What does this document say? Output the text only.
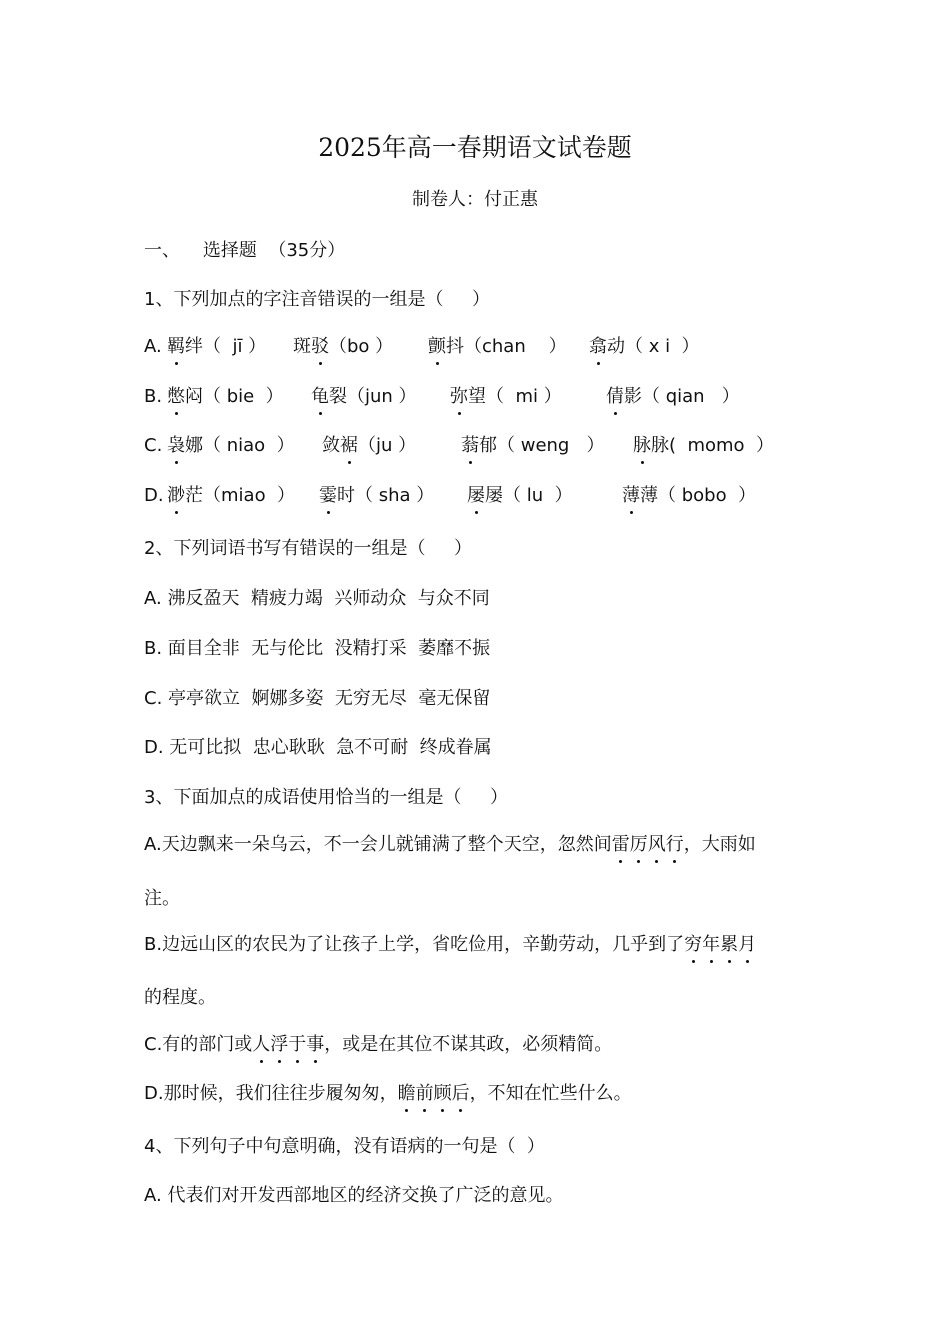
2025年高一春期语文试卷题
制卷人：付正惠
一、    选择题  （35分）
1、下列加点的字注音错误的一组是（     ）
A. 羁绊（  jī ） 斑驳（bo ） 颤抖（chan    ） 翕动（ x i  ）
B. 憋闷（ bie  ） 龟裂（jun ） 弥望（  mi ） 倩影（ qian   ）
C. 袅娜（ niao  ） 敛裾（ju ） 蓊郁（ weng   ） 脉脉(  momo  ）
D. 渺茫（miao  ） 霎时（ sha ） 屡屡（ lu  ）	薄薄（ bobo  ）
2、下列词语书写有错误的一组是（     ）
A. 沸反盈天  精疲力竭  兴师动众  与众不同
B. 面目全非  无与伦比  没精打采  萎靡不振
C. 亭亭欲立  婀娜多姿  无穷无尽  毫无保留
D. 无可比拟  忠心耿耿  急不可耐  终成眷属
3、下面加点的成语使用恰当的一组是（     ）
A.天边飘来一朵乌云，不一会儿就铺满了整个天空，忽然间雷厉风行，大雨如
注。
B.边远山区的农民为了让孩子上学，省吃俭用，辛勤劳动，几乎到了穷年累月
的程度。
C.有的部门或人浮于事，或是在其位不谋其政，必须精简。
D.那时候，我们往往步履匆匆，瞻前顾后，不知在忙些什么。
4、下列句子中句意明确，没有语病的一句是（  ）
A. 代表们对开发西部地区的经济交换了广泛的意见。
